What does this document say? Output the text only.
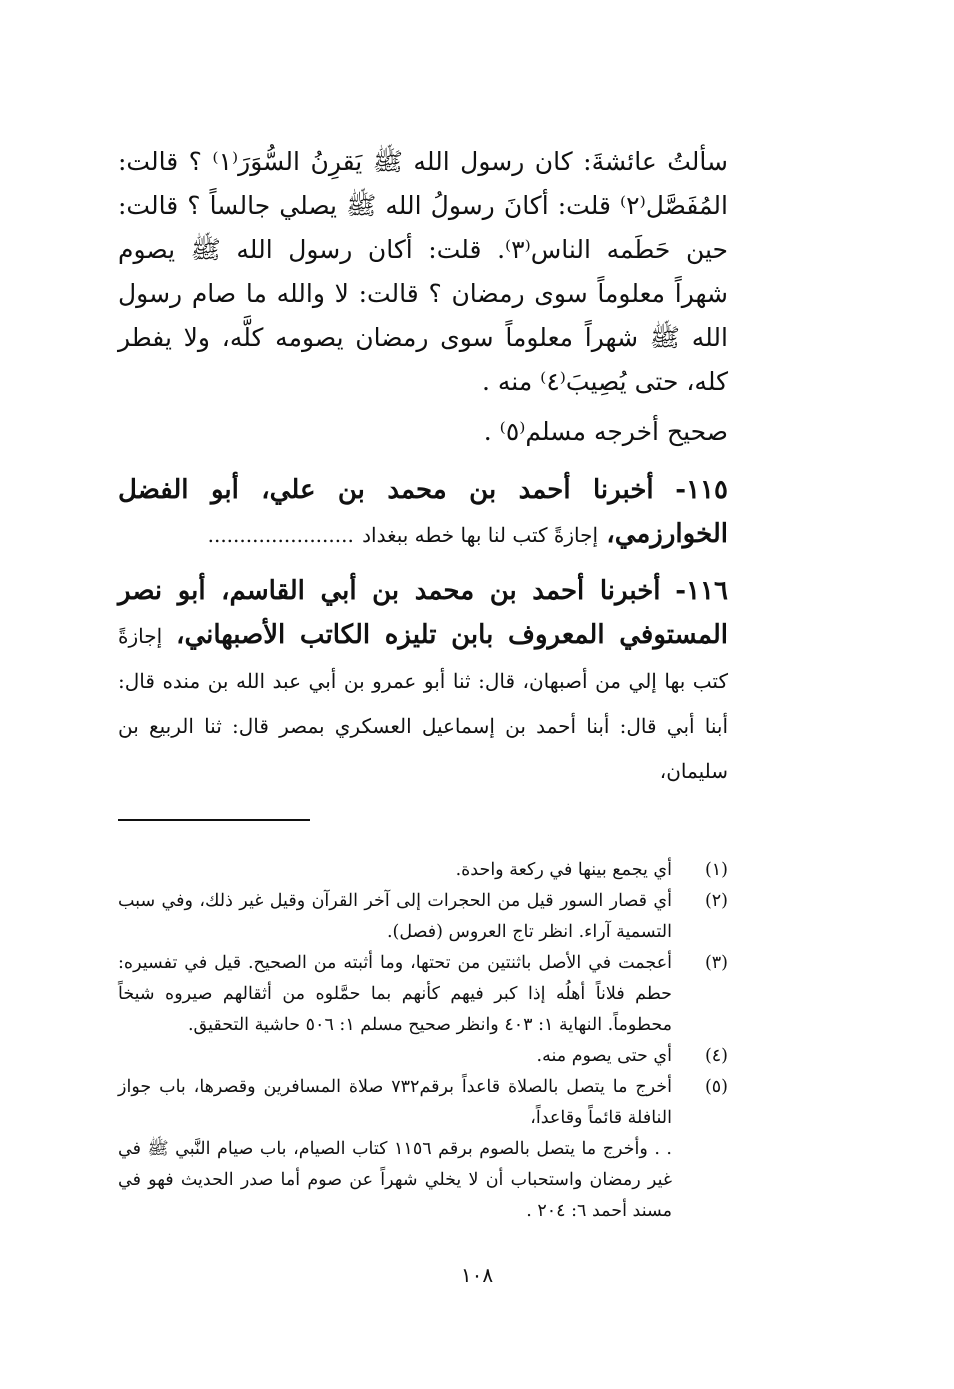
سألتُ عائشةَ: كان رسول الله ﷺ يَقرِنُ السُّوَرَ⁽١⁾ ؟ قالت: المُفَصَّل⁽٢⁾ قلت: أكانَ رسولُ الله ﷺ يصلي جالساً ؟ قالت: حين حَطَمه الناس⁽٣⁾. قلت: أكان رسول الله ﷺ يصوم شهراً معلوماً سوى رمضان ؟ قالت: لا والله ما صام رسول الله ﷺ شهراً معلوماً سوى رمضان يصومه كلَّه، ولا يفطر كله، حتى يُصِيبَ⁽٤⁾ منه .

صحيح أخرجه مسلم⁽٥⁾ .

١١٥- أخبرنا أحمد بن محمد بن علي، أبو الفضل الخوارزمي، إجازةً كتب لنا بها خطه ببغداد .......................

١١٦- أخبرنا أحمد بن محمد بن أبي القاسم، أبو نصر المستوفي المعروف بابن تليزه الكاتب الأصبهاني، إجازةً كتب بها إلي من أصبهان، قال: ثنا أبو عمرو بن أبي عبد الله بن منده قال: أبنا أبي قال: أبنا أحمد بن إسماعيل العسكري بمصر قال: ثنا الربيع بن سليمان،

(١)
أي يجمع بينها في ركعة واحدة.
(٢)
أي قصار السور قيل من الحجرات إلى آخر القرآن وقيل غير ذلك، وفي سبب التسمية آراء. انظر تاج العروس (فصل).
(٣)
أعجمت في الأصل باثنتين من تحتها، وما أثبته من الصحيح. قيل في تفسيره: حطم فلاناً أهلُه إذا كبر فيهم كأنهم بما حمَّلوه من أثقالهم صيروه شيخاً محطوماً. النهاية ١: ٤٠٣ وانظر صحيح مسلم ١: ٥٠٦ حاشية التحقيق.
(٤)
أي حتى يصوم منه.
(٥)
أخرج ما يتصل بالصلاة قاعداً برقم٧٣٢ صلاة المسافرين وقصرها، باب جواز النافلة قائماً وقاعداً،
. . وأخرج ما يتصل بالصوم برقم ١١٥٦ كتاب الصيام، باب صيام النَّبي ﷺ في غير رمضان واستحباب أن لا يخلي شهراً عن صوم أما صدر الحديث فهو في مسند أحمد ٦: ٢٠٤ .
١٠٨
